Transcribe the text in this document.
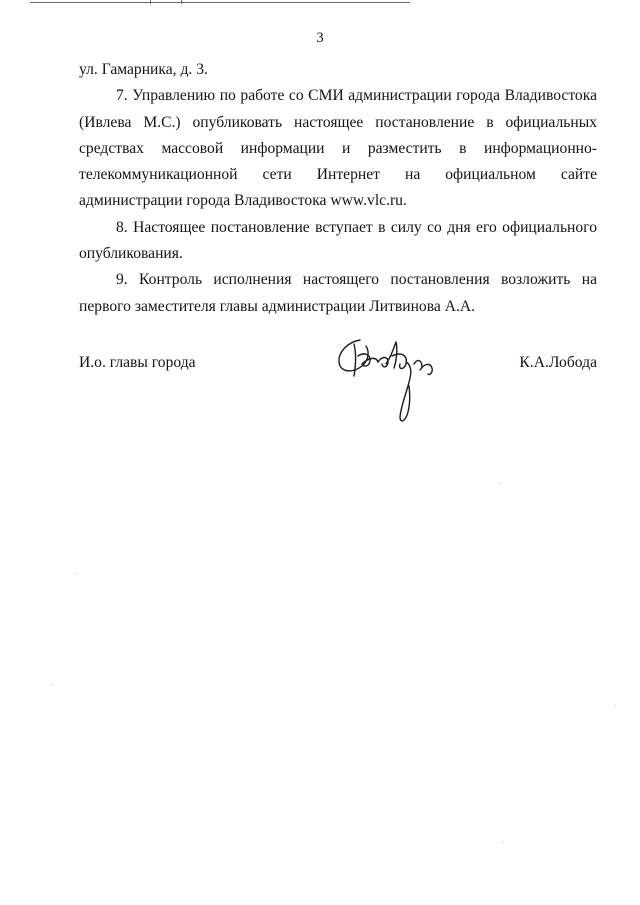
3

ул. Гамарника, д. 3.

7. Управлению по работе со СМИ администрации города Владивостока (Ивлева М.С.) опубликовать настоящее постановление в официальных средствах массовой информации и разместить в информационно-телекоммуникационной сети Интернет на официальном сайте администрации города Владивостока www.vlc.ru.

8. Настоящее постановление вступает в силу со дня его официального опубликования.

9. Контроль исполнения настоящего постановления возложить на первого заместителя главы администрации Литвинова А.А.

И.о. главы города	К.А.Лобода
